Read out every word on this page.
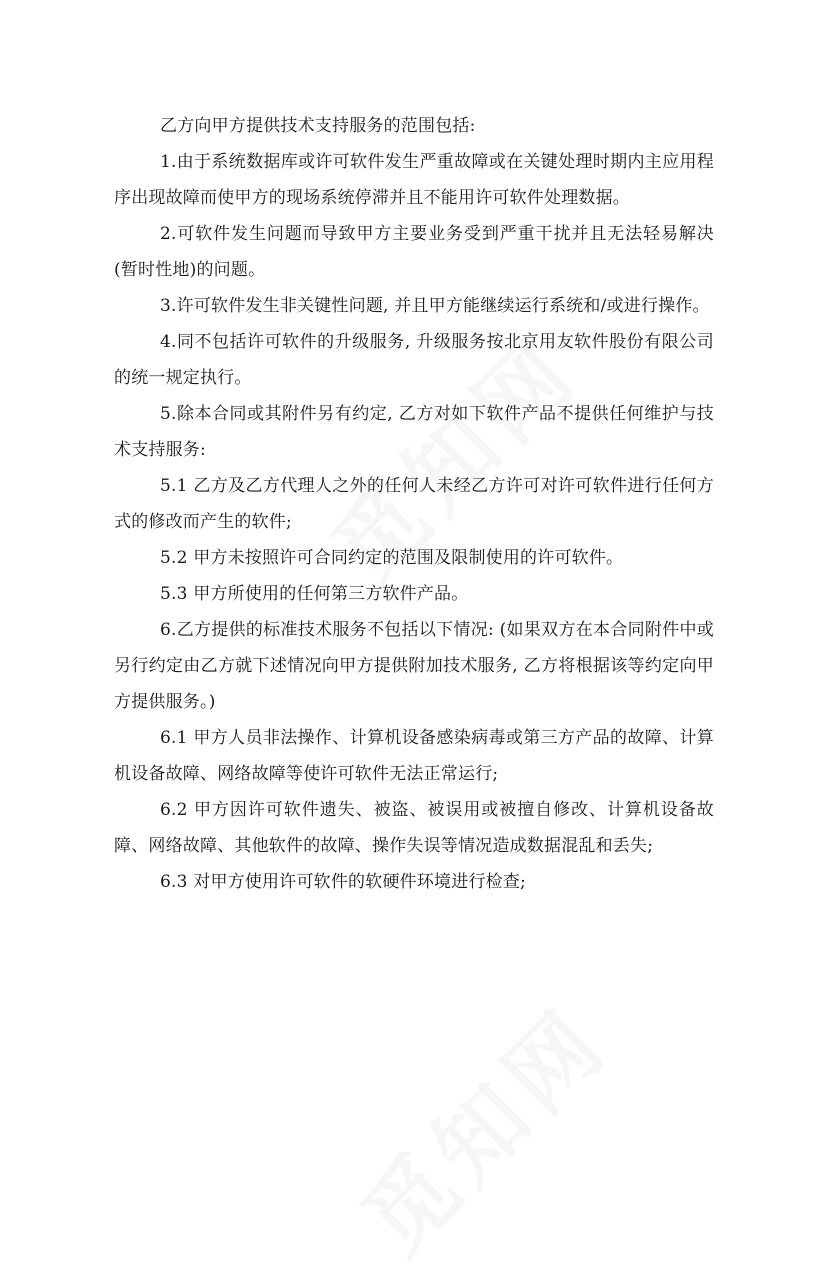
乙方向甲方提供技术支持服务的范围包括:

1.由于系统数据库或许可软件发生严重故障或在关键处理时期内主应用程序出现故障而使甲方的现场系统停滞并且不能用许可软件处理数据。

2.可软件发生问题而导致甲方主要业务受到严重干扰并且无法轻易解决(暂时性地)的问题。

3.许可软件发生非关键性问题, 并且甲方能继续运行系统和/或进行操作。

4.同不包括许可软件的升级服务, 升级服务按北京用友软件股份有限公司的统一规定执行。

5.除本合同或其附件另有约定, 乙方对如下软件产品不提供任何维护与技术支持服务:

5.1 乙方及乙方代理人之外的任何人未经乙方许可对许可软件进行任何方式的修改而产生的软件;

5.2 甲方未按照许可合同约定的范围及限制使用的许可软件。

5.3 甲方所使用的任何第三方软件产品。

6.乙方提供的标准技术服务不包括以下情况: (如果双方在本合同附件中或另行约定由乙方就下述情况向甲方提供附加技术服务, 乙方将根据该等约定向甲方提供服务。)

6.1 甲方人员非法操作、计算机设备感染病毒或第三方产品的故障、计算机设备故障、网络故障等使许可软件无法正常运行;

6.2 甲方因许可软件遗失、被盗、被误用或被擅自修改、计算机设备故障、网络故障、其他软件的故障、操作失误等情况造成数据混乱和丢失;

6.3 对甲方使用许可软件的软硬件环境进行检查;
